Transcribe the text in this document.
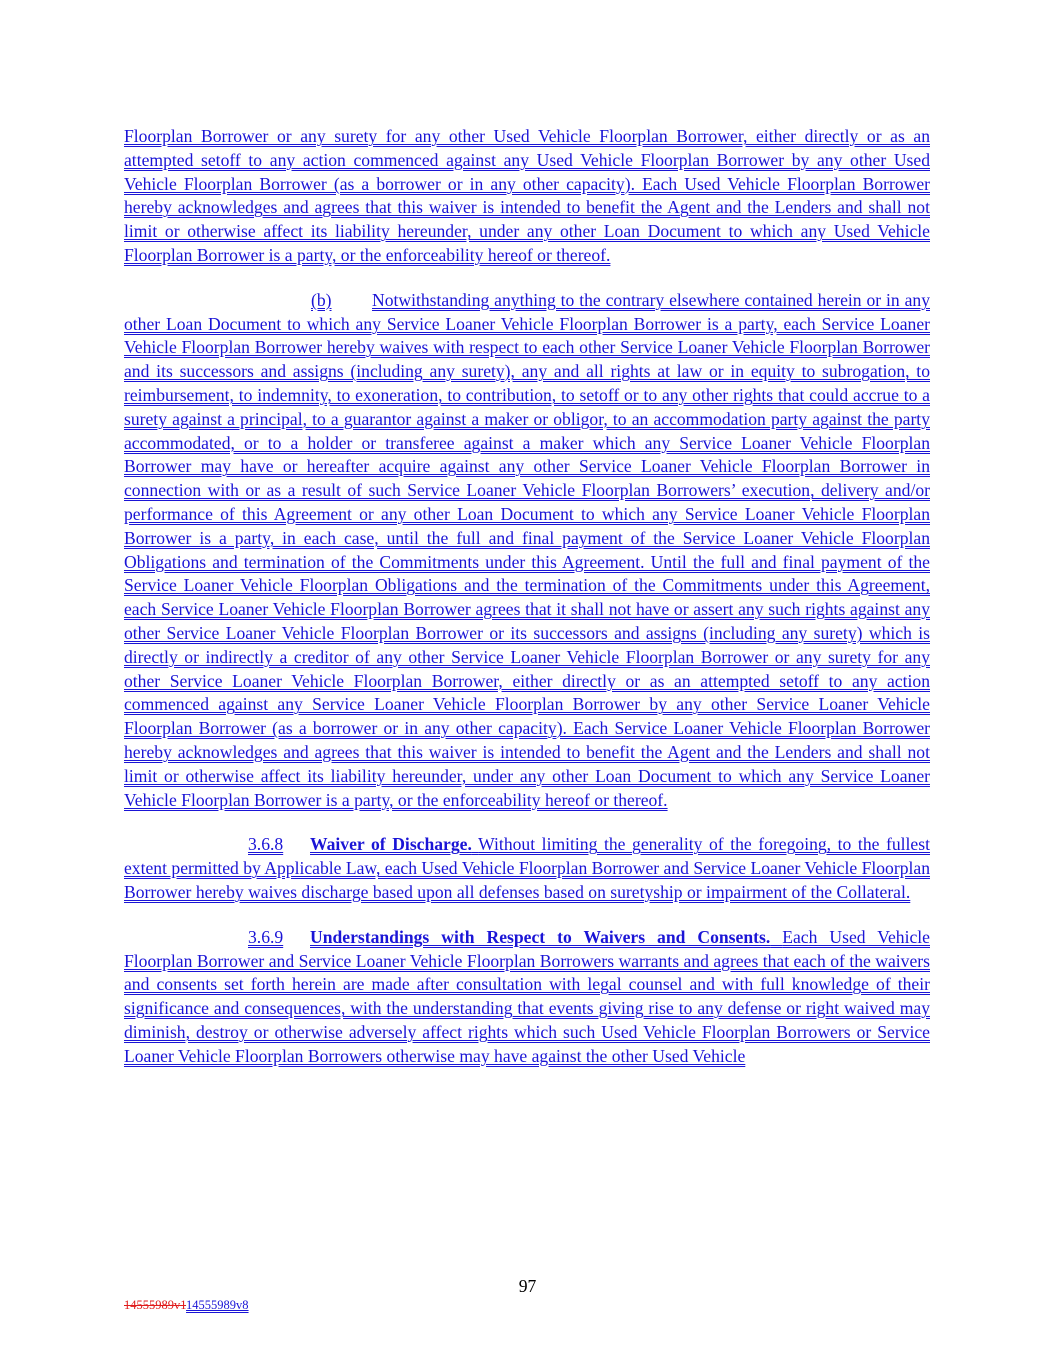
Floorplan Borrower or any surety for any other Used Vehicle Floorplan Borrower, either directly or as an attempted setoff to any action commenced against any Used Vehicle Floorplan Borrower by any other Used Vehicle Floorplan Borrower (as a borrower or in any other capacity). Each Used Vehicle Floorplan Borrower hereby acknowledges and agrees that this waiver is intended to benefit the Agent and the Lenders and shall not limit or otherwise affect its liability hereunder, under any other Loan Document to which any Used Vehicle Floorplan Borrower is a party, or the enforceability hereof or thereof.

(b) Notwithstanding anything to the contrary elsewhere contained herein or in any other Loan Document to which any Service Loaner Vehicle Floorplan Borrower is a party, each Service Loaner Vehicle Floorplan Borrower hereby waives with respect to each other Service Loaner Vehicle Floorplan Borrower and its successors and assigns (including any surety), any and all rights at law or in equity to subrogation, to reimbursement, to indemnity, to exoneration, to contribution, to setoff or to any other rights that could accrue to a surety against a principal, to a guarantor against a maker or obligor, to an accommodation party against the party accommodated, or to a holder or transferee against a maker which any Service Loaner Vehicle Floorplan Borrower may have or hereafter acquire against any other Service Loaner Vehicle Floorplan Borrower in connection with or as a result of such Service Loaner Vehicle Floorplan Borrowers’ execution, delivery and/or performance of this Agreement or any other Loan Document to which any Service Loaner Vehicle Floorplan Borrower is a party, in each case, until the full and final payment of the Service Loaner Vehicle Floorplan Obligations and termination of the Commitments under this Agreement. Until the full and final payment of the Service Loaner Vehicle Floorplan Obligations and the termination of the Commitments under this Agreement, each Service Loaner Vehicle Floorplan Borrower agrees that it shall not have or assert any such rights against any other Service Loaner Vehicle Floorplan Borrower or its successors and assigns (including any surety) which is directly or indirectly a creditor of any other Service Loaner Vehicle Floorplan Borrower or any surety for any other Service Loaner Vehicle Floorplan Borrower, either directly or as an attempted setoff to any action commenced against any Service Loaner Vehicle Floorplan Borrower by any other Service Loaner Vehicle Floorplan Borrower (as a borrower or in any other capacity). Each Service Loaner Vehicle Floorplan Borrower hereby acknowledges and agrees that this waiver is intended to benefit the Agent and the Lenders and shall not limit or otherwise affect its liability hereunder, under any other Loan Document to which any Service Loaner Vehicle Floorplan Borrower is a party, or the enforceability hereof or thereof.

3.6.8 Waiver of Discharge. Without limiting the generality of the foregoing, to the fullest extent permitted by Applicable Law, each Used Vehicle Floorplan Borrower and Service Loaner Vehicle Floorplan Borrower hereby waives discharge based upon all defenses based on suretyship or impairment of the Collateral.

3.6.9 Understandings with Respect to Waivers and Consents. Each Used Vehicle Floorplan Borrower and Service Loaner Vehicle Floorplan Borrowers warrants and agrees that each of the waivers and consents set forth herein are made after consultation with legal counsel and with full knowledge of their significance and consequences, with the understanding that events giving rise to any defense or right waived may diminish, destroy or otherwise adversely affect rights which such Used Vehicle Floorplan Borrowers or Service Loaner Vehicle Floorplan Borrowers otherwise may have against the other Used Vehicle

97
14555989v114555989v8
